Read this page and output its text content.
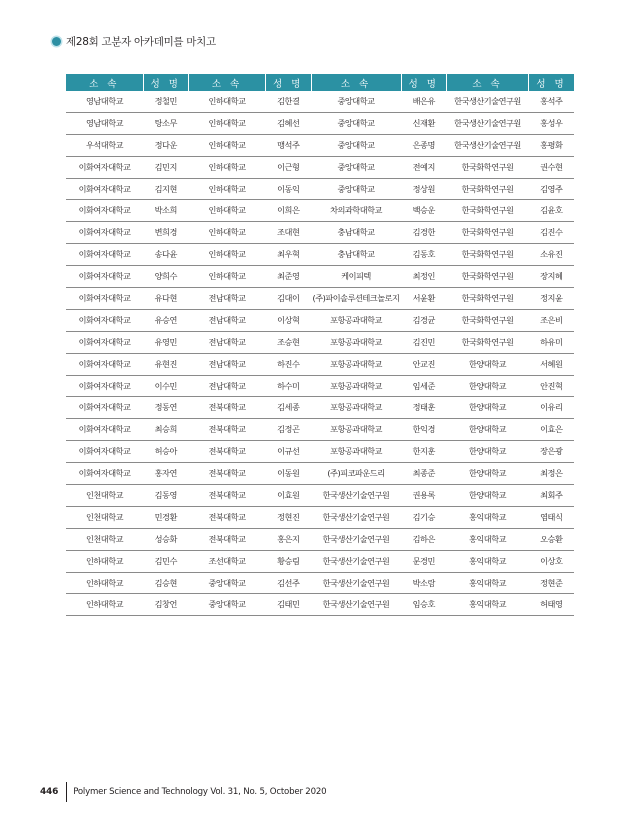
제28회 고분자 아카데미를 마치고
소 속	성 명	소 속	성 명	소 속	성 명	소 속	성 명
영남대학교	정철민	인하대학교	김한결	중앙대학교	배은유	한국생산기술연구원	홍석주
영남대학교	탕소무	인하대학교	김혜선	중앙대학교	신재환	한국생산기술연구원	홍성우
우석대학교	정다운	인하대학교	맹석주	중앙대학교	은종명	한국생산기술연구원	홍평화
이화여자대학교	김민지	인하대학교	이근형	중앙대학교	전예지	한국화학연구원	권수현
이화여자대학교	김지현	인하대학교	이동익	중앙대학교	정상원	한국화학연구원	김영주
이화여자대학교	박소희	인하대학교	이희은	차의과학대학교	백승운	한국화학연구원	김윤호
이화여자대학교	변희경	인하대학교	조대현	충남대학교	김경한	한국화학연구원	김진수
이화여자대학교	송다윤	인하대학교	최우혁	충남대학교	김동호	한국화학연구원	소유진
이화여자대학교	양희수	인하대학교	최준영	케이피텍	최정인	한국화학연구원	장지혜
이화여자대학교	유다현	전남대학교	김대이	(주)파이솔루션테크놀로지	서윤환	한국화학연구원	정지윤
이화여자대학교	유승연	전남대학교	이상혁	포항공과대학교	김경균	한국화학연구원	조은비
이화여자대학교	유영민	전남대학교	조승현	포항공과대학교	김진민	한국화학연구원	하유미
이화여자대학교	유현진	전남대학교	하진수	포항공과대학교	안교진	한양대학교	서혜원
이화여자대학교	이수민	전남대학교	하수미	포항공과대학교	임세준	한양대학교	안진혁
이화여자대학교	정동연	전북대학교	김세종	포항공과대학교	정태훈	한양대학교	이유리
이화여자대학교	최승희	전북대학교	김정곤	포항공과대학교	한익경	한양대학교	이효은
이화여자대학교	허승아	전북대학교	이규선	포항공과대학교	한지훈	한양대학교	장은광
이화여자대학교	홍자연	전북대학교	이동원	(주)피코파운드리	최종준	한양대학교	최정은
인천대학교	김동영	전북대학교	이효원	한국생산기술연구원	권용록	한양대학교	최회주
인천대학교	민경환	전북대학교	정현진	한국생산기술연구원	김기승	홍익대학교	염태식
인천대학교	성승화	전북대학교	홍은지	한국생산기술연구원	김하은	홍익대학교	오승환
인하대학교	김민수	조선대학교	황승림	한국생산기술연구원	문경민	홍익대학교	이상호
인하대학교	김승현	중앙대학교	김선주	한국생산기술연구원	박소람	홍익대학교	정현준
인하대학교	김창언	중앙대학교	김태민	한국생산기술연구원	임승호	홍익대학교	허태영
446 Polymer Science and Technology Vol. 31, No. 5, October 2020
